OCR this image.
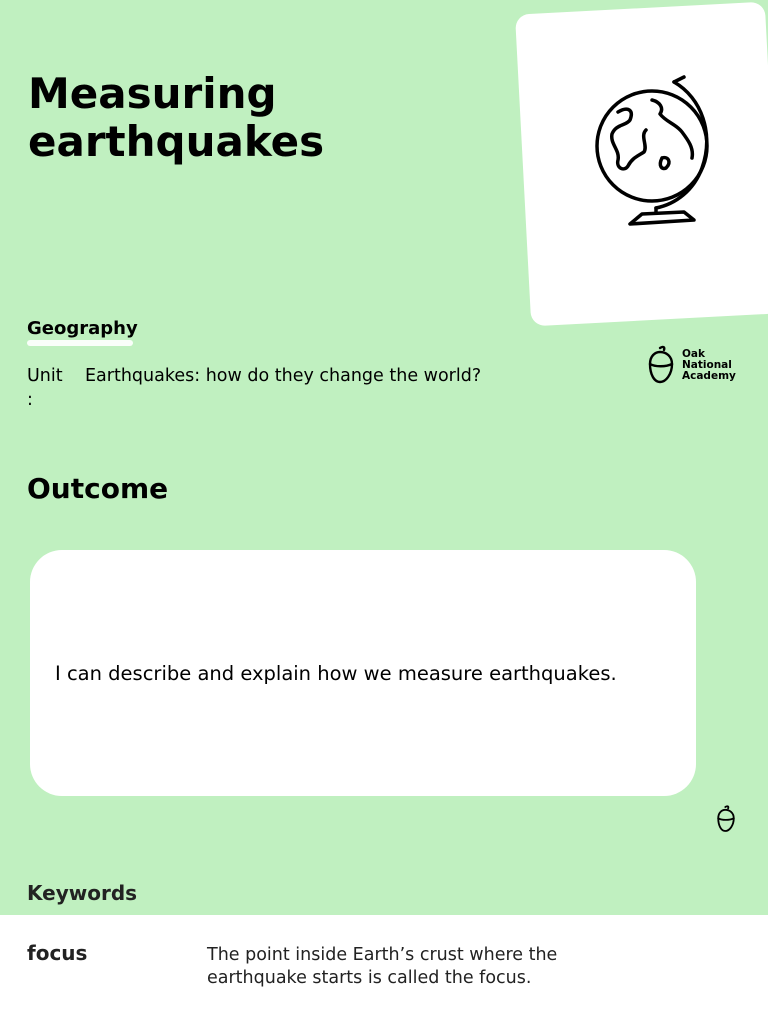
Measuring earthquakes
Geography
Unit
:
Earthquakes: how do they change the world?
Oak
National
Academy
Outcome
I can describe and explain how we measure earthquakes.
Keywords
focus	The point inside Earth’s crust where the earthquake starts is called the focus.
